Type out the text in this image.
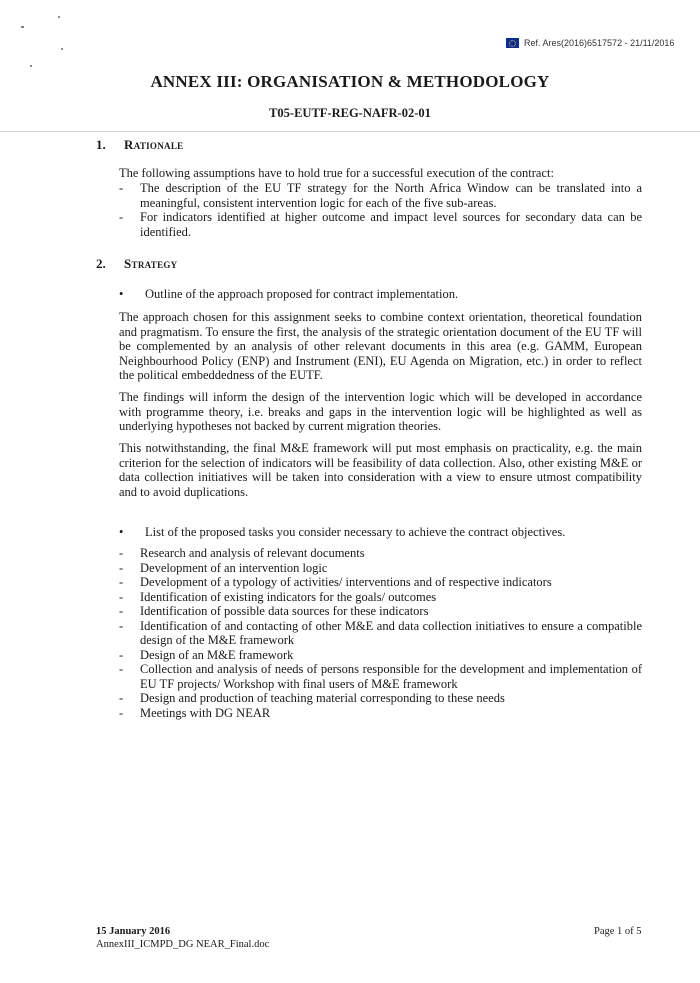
Ref. Ares(2016)6517572 - 21/11/2016
ANNEX III: ORGANISATION & METHODOLOGY
T05-EUTF-REG-NAFR-02-01
1. Rationale

The following assumptions have to hold true for a successful execution of the contract:

- The description of the EU TF strategy for the North Africa Window can be translated into a meaningful, consistent intervention logic for each of the five sub-areas.
- For indicators identified at higher outcome and impact level sources for secondary data can be identified.
2. Strategy
• Outline of the approach proposed for contract implementation.

The approach chosen for this assignment seeks to combine context orientation, theoretical foundation and pragmatism. To ensure the first, the analysis of the strategic orientation document of the EU TF will be complemented by an analysis of other relevant documents in this area (e.g. GAMM, European Neighbourhood Policy (ENP) and Instrument (ENI), EU Agenda on Migration, etc.) in order to reflect the political embeddedness of the EUTF.

The findings will inform the design of the intervention logic which will be developed in accordance with programme theory, i.e. breaks and gaps in the intervention logic will be highlighted as well as underlying hypotheses not backed by current migration theories.

This notwithstanding, the final M&E framework will put most emphasis on practicality, e.g. the main criterion for the selection of indicators will be feasibility of data collection. Also, other existing M&E or data collection initiatives will be taken into consideration with a view to ensure utmost compatibility and to avoid duplications.

• List of the proposed tasks you consider necessary to achieve the contract objectives.
- Research and analysis of relevant documents
- Development of an intervention logic
- Development of a typology of activities/ interventions and of respective indicators
- Identification of existing indicators for the goals/ outcomes
- Identification of possible data sources for these indicators
- Identification of and contacting of other M&E and data collection initiatives to ensure a compatible design of the M&E framework
- Design of an M&E framework
- Collection and analysis of needs of persons responsible for the development and implementation of EU TF projects/ Workshop with final users of M&E framework
- Design and production of teaching material corresponding to these needs
- Meetings with DG NEAR
15 January 2016
AnnexIII_ICMPD_DG NEAR_Final.doc
Page 1 of 5
